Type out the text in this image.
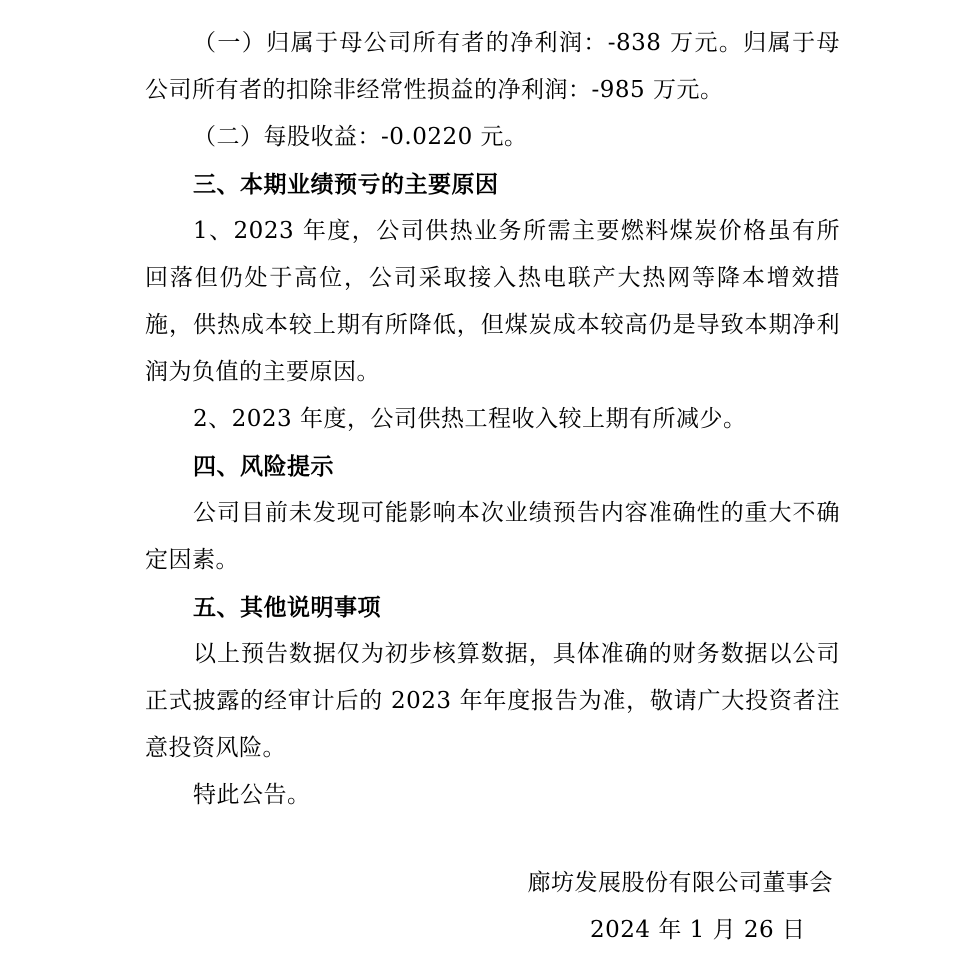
（一）归属于母公司所有者的净利润：-838 万元。归属于母公司所有者的扣除非经常性损益的净利润：-985 万元。

（二）每股收益：-0.0220 元。

三、本期业绩预亏的主要原因

1、2023 年度，公司供热业务所需主要燃料煤炭价格虽有所回落但仍处于高位，公司采取接入热电联产大热网等降本增效措施，供热成本较上期有所降低，但煤炭成本较高仍是导致本期净利润为负值的主要原因。

2、2023 年度，公司供热工程收入较上期有所减少。

四、风险提示

公司目前未发现可能影响本次业绩预告内容准确性的重大不确定因素。

五、其他说明事项

以上预告数据仅为初步核算数据，具体准确的财务数据以公司正式披露的经审计后的 2023 年年度报告为准，敬请广大投资者注意投资风险。

特此公告。

廊坊发展股份有限公司董事会
2024 年 1 月 26 日
